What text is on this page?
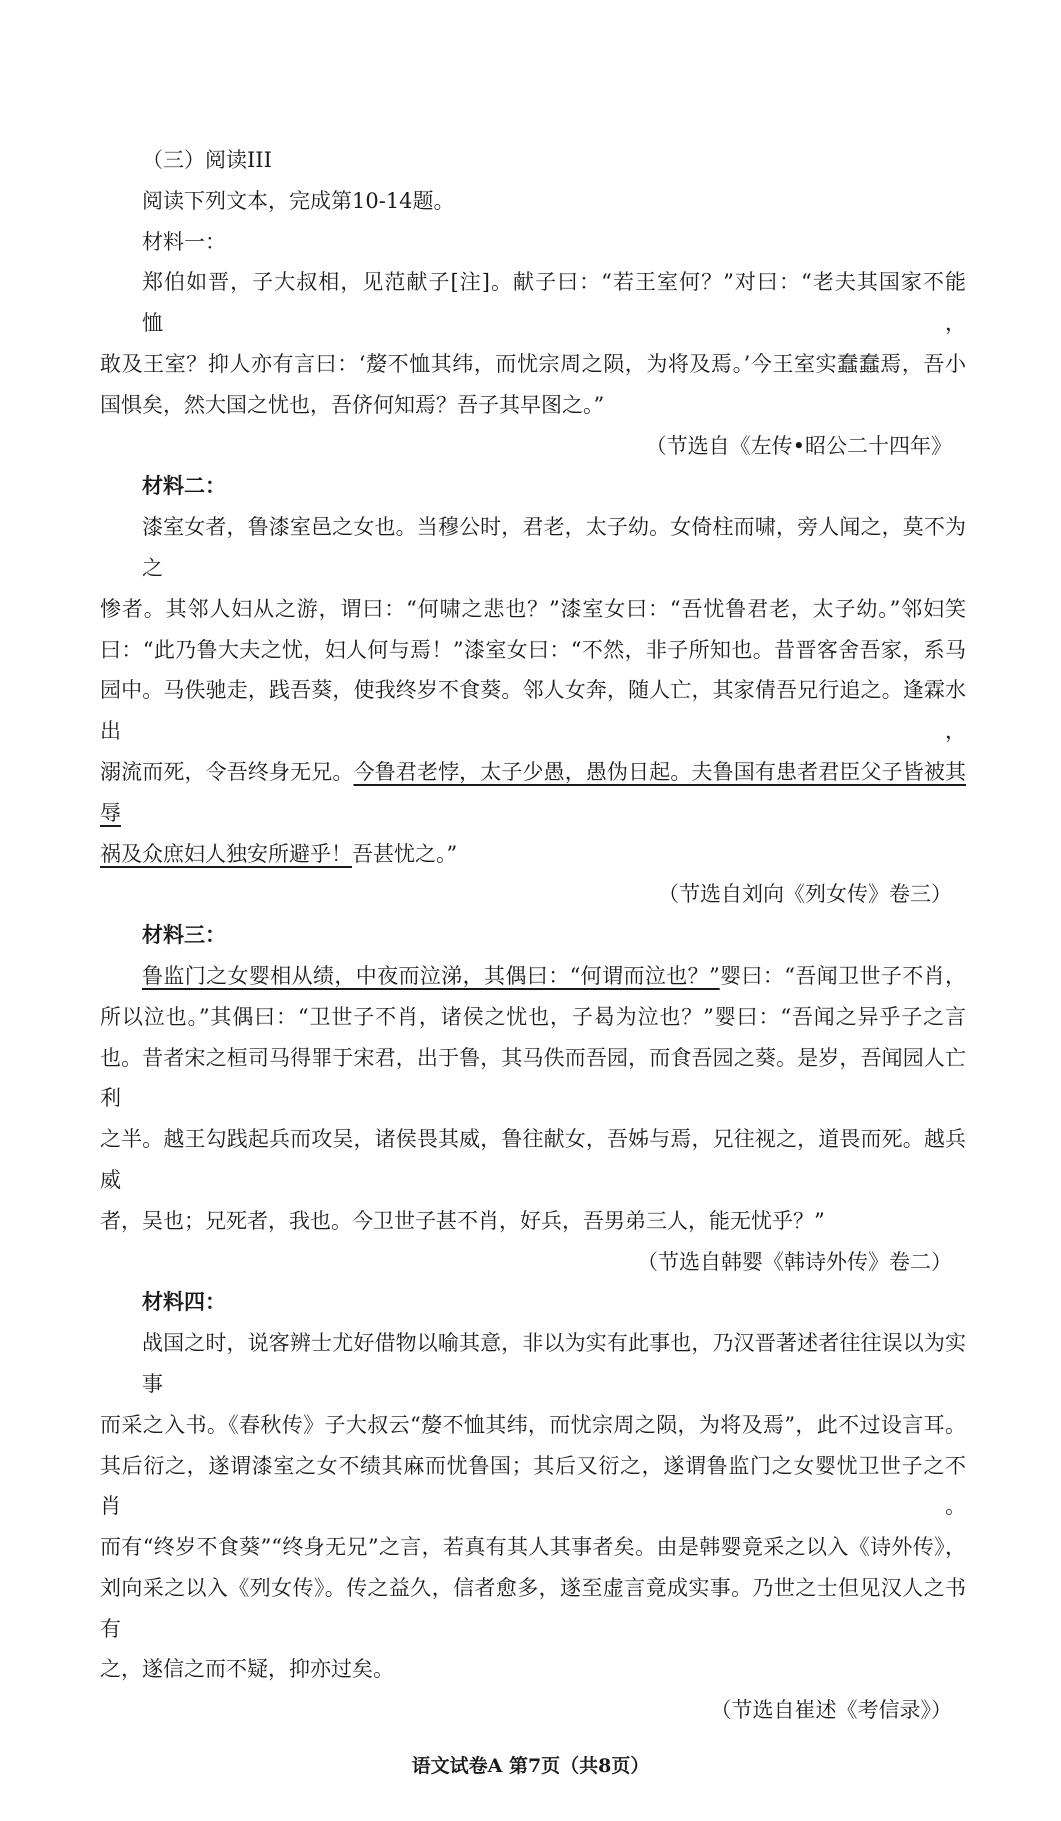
（三）阅读III
阅读下列文本，完成第10-14题。
材料一：
郑伯如晋，子大叔相，见范献子[注]。献子曰：“若王室何？”对曰：“老夫其国家不能恤，
敢及王室？抑人亦有言曰：‘嫠不恤其纬，而忧宗周之陨，为将及焉。’今王室实蠢蠢焉，吾小
国惧矣，然大国之忧也，吾侪何知焉？吾子其早图之。”
（节选自《左传•昭公二十四年》
材料二：
漆室女者，鲁漆室邑之女也。当穆公时，君老，太子幼。女倚柱而啸，旁人闻之，莫不为之
惨者。其邻人妇从之游，谓曰：“何啸之悲也？”漆室女曰：“吾忧鲁君老，太子幼。”邻妇笑
曰：“此乃鲁大夫之忧，妇人何与焉！”漆室女曰：“不然，非子所知也。昔晋客舍吾家，系马
园中。马佚驰走，践吾葵，使我终岁不食葵。邻人女奔，随人亡，其家倩吾兄行追之。逢霖水出，
溺流而死，令吾终身无兄。今鲁君老悖，太子少愚，愚伪日起。夫鲁国有患者君臣父子皆被其辱
祸及众庶妇人独安所避乎！吾甚忧之。”
（节选自刘向《列女传》卷三）
材料三：
鲁监门之女婴相从绩，中夜而泣涕，其偶曰：“何谓而泣也？”婴曰：“吾闻卫世子不肖，
所以泣也。”其偶曰：“卫世子不肖，诸侯之忧也，子曷为泣也？”婴曰：“吾闻之异乎子之言
也。昔者宋之桓司马得罪于宋君，出于鲁，其马佚而吾园，而食吾园之葵。是岁，吾闻园人亡利
之半。越王勾践起兵而攻吴，诸侯畏其威，鲁往献女，吾姊与焉，兄往视之，道畏而死。越兵威
者，吴也；兄死者，我也。今卫世子甚不肖，好兵，吾男弟三人，能无忧乎？”
（节选自韩婴《韩诗外传》卷二）
材料四：
战国之时，说客辨士尤好借物以喻其意，非以为实有此事也，乃汉晋著述者往往误以为实事
而采之入书。《春秋传》子大叔云“嫠不恤其纬，而忧宗周之陨，为将及焉”，此不过设言耳。
其后衍之，遂谓漆室之女不绩其麻而忧鲁国；其后又衍之，遂谓鲁监门之女婴忧卫世子之不肖。
而有“终岁不食葵”“终身无兄”之言，若真有其人其事者矣。由是韩婴竟采之以入《诗外传》，
刘向采之以入《列女传》。传之益久，信者愈多，遂至虚言竟成实事。乃世之士但见汉人之书有
之，遂信之而不疑，抑亦过矣。
（节选自崔述《考信录》）
语文试卷A 第7页（共8页）
